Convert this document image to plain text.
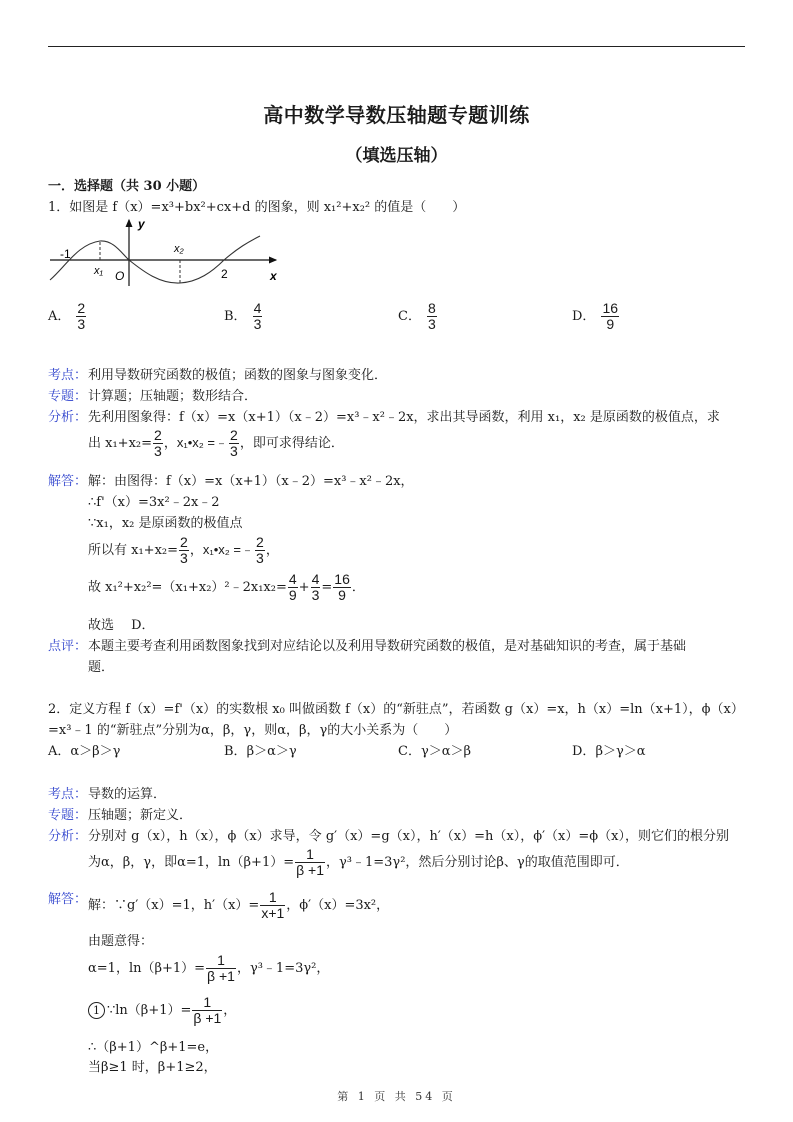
高中数学导数压轴题专题训练
（填选压轴）
一．选择题（共 30 小题）
1．如图是 f（x）=x³+bx²+cx+d 的图象，则 x₁²+x₂² 的值是（　　）
-1
x₁ O
x₂
2	x
y
A． $\frac{2}{3}$	B． $\frac{4}{3}$	C． $\frac{8}{3}$	D． $\frac{16}{9}$
考点： 利用导数研究函数的极值；函数的图象与图象变化．
专题： 计算题；压轴题；数形结合．
分析： 先利用图象得：f（x）=x（x+1）（x﹣2）=x³﹣x²﹣2x，求出其导函数，利用 x₁，x₂ 是原函数的极值点，求
出 $x_1+x_2= \frac{2}{3}$ ，x₁•x₂ =﹣ $\frac{2}{3}$ ，即可求得结论．
解答： 解：由图得：f（x）=x（x+1）（x﹣2）=x³﹣x²﹣2x，
∴f'（x）=3x²﹣2x﹣2
∵x₁，x₂ 是原函数的极值点
所以有 $x_1+x_2= \frac{2}{3}$ ，x₁•x₂ =﹣ $\frac{2}{3}$ ，
故 x₁²+x₂²=（x₁+x₂）²﹣2x₁x₂= $\frac{4}{9} + \frac{4}{3} = \frac{16}{9}$ ．
故选　 D．
点评： 本题主要考查利用函数图象找到对应结论以及利用导数研究函数的极值，是对基础知识的考查，属于基础
题．
2．定义方程 f（x）=f'（x）的实数根 x₀ 叫做函数 f（x）的“新驻点”，若函数 g（x）=x，h（x）=ln（x+1），ϕ（x）
=x³﹣1 的“新驻点”分别为α，β，γ，则α，β，γ的大小关系为（　　）
A．α＞β＞γ	B．β＞α＞γ	C．γ＞α＞β	D．β＞γ＞α
考点： 导数的运算．
专题： 压轴题；新定义．
分析： 分别对 g（x），h（x），ϕ（x）求导，令 g′（x）=g（x），h′（x）=h（x），ϕ′（x）=ϕ（x），则它们的根分别
为α，β，γ，即α=1，$\ln(\beta+1)= \frac{1}{\beta +1}$ ，γ³﹣1=3γ²，然后分别讨论β、γ的取值范围即可．
解答： 解：∵g′（x）=1，$h'(x)= \frac{1}{x+1}$ ，ϕ′（x）=3x²，
由题意得：
α=1，$\ln(\beta+1)= \frac{1}{\beta +1}$ ，γ³﹣1=3γ²，
1 ∵ln（β+1）= $\frac{1}{\beta +1}$ ，
∴（β+1）^β+1=e，
当β≥1 时，β+1≥2，
第 1 页 共 54 页
